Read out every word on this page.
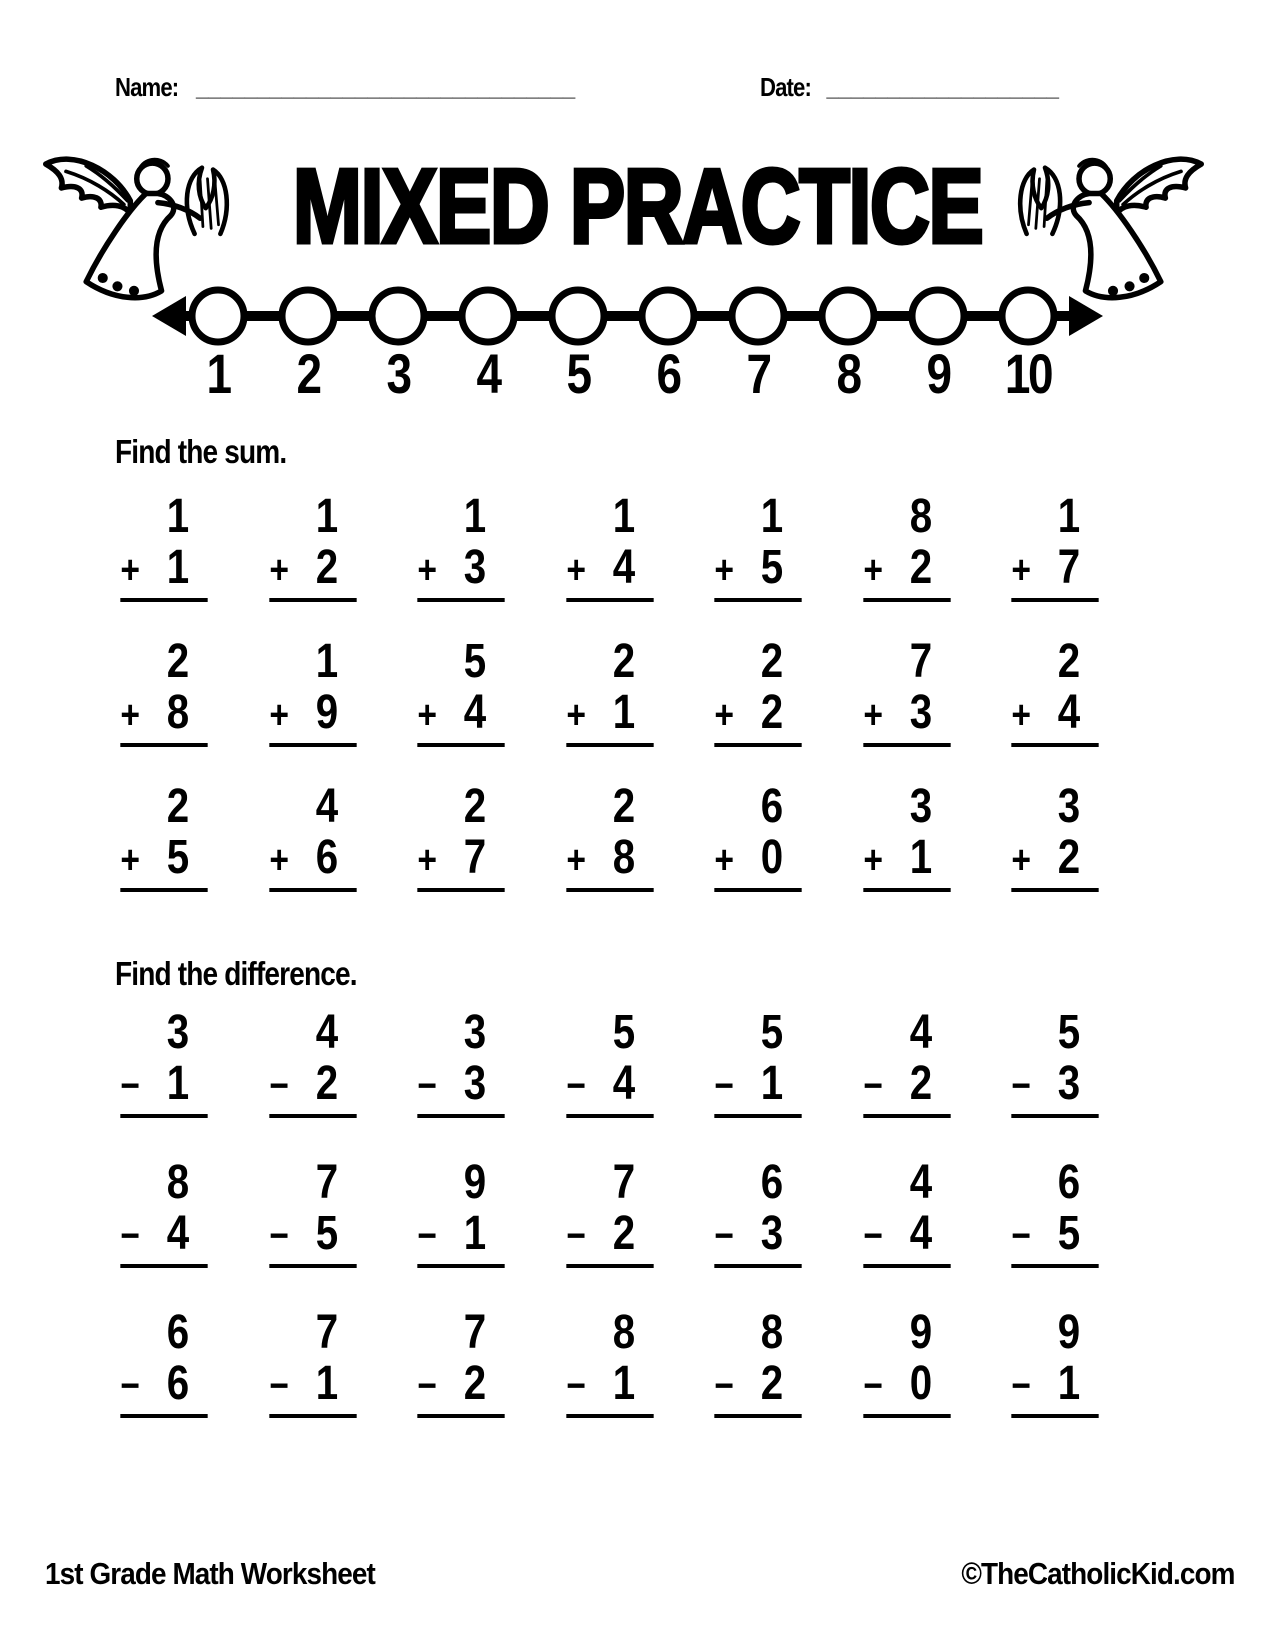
Name: _______________________________	Date: ___________________
MIXED PRACTICE
1 2 3 4 5 6 7 8 9 10
Find the sum.
1
+ 1
1
+ 2
1
+ 3
1
+ 4
1
+ 5
8
+ 2
1
+ 7
2
+ 8
1
+ 9
5
+ 4
2
+ 1
2
+ 2
7
+ 3
2
+ 4
2
+ 5
4
+ 6
2
+ 7
2
+ 8
6
+ 0
3
+ 1
3
+ 2
Find the difference.
3
− 1
4
− 2
3
− 3
5
− 4
5
− 1
4
− 2
5
− 3
8
− 4
7
− 5
9
− 1
7
− 2
6
− 3
4
− 4
6
− 5
6
− 6
7
− 1
7
− 2
8
− 1
8
− 2
9
− 0
9
− 1
1st Grade Math Worksheet	©TheCatholicKid.com
